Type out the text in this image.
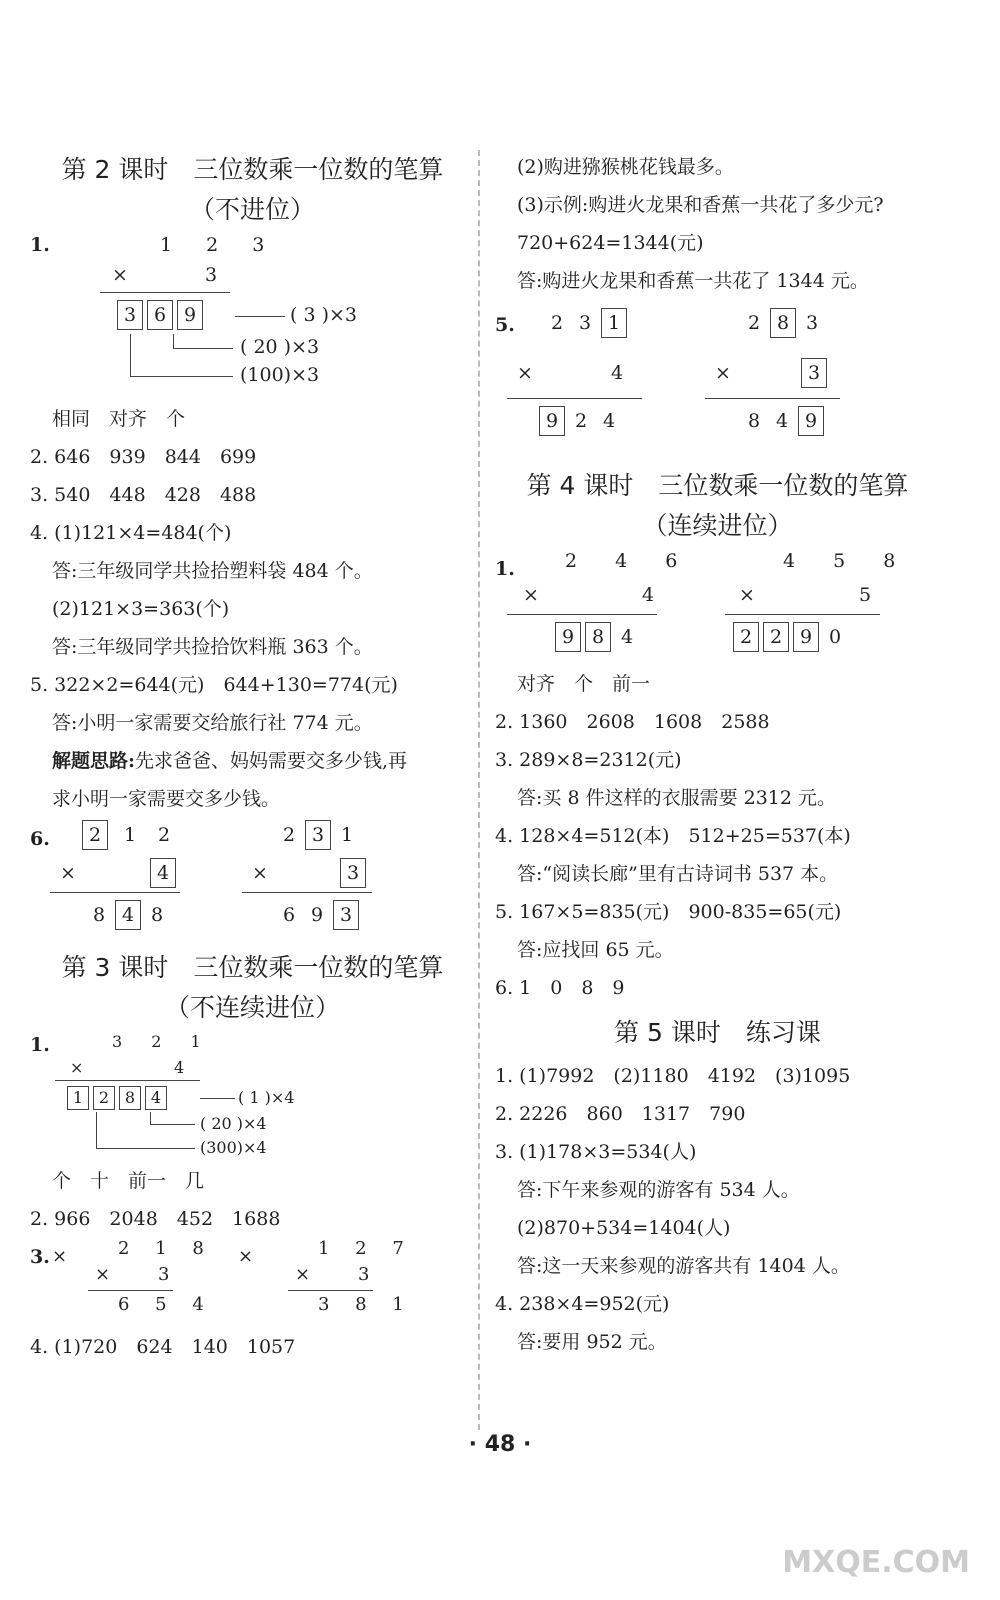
第 2 课时　三位数乘一位数的笔算
（不进位）
1.	1 2 3
×	3
3 6 9	( 3 )×3
( 20 )×3
(100)×3
相同　对齐　个
2. 646　939　844　699
3. 540　448　428　488
4. (1)121×4=484(个)
答:三年级同学共捡拾塑料袋 484 个。
(2)121×3=363(个)
答:三年级同学共捡拾饮料瓶 363 个。
5. 322×2=644(元)　644+130=774(元)
答:小明一家需要交给旅行社 774 元。
解题思路:先求爸爸、妈妈需要交多少钱,再
求小明一家需要交多少钱。
6.	2 1 2
×	4
8 4 8
2 3 1
×	3
6 9 3
第 3 课时　三位数乘一位数的笔算
（不连续进位）
1.	3 2 1
×	4
1 2 8 4	( 1 )×4
( 20 )×4
(300)×4
个　十　前一　几
2. 966　2048　452　1688
3. ×	2 1 8
×	3
6 5 4
×	1 2 7
×	3
3 8 1
4. (1)720　624　140　1057
(2)购进猕猴桃花钱最多。
(3)示例:购进火龙果和香蕉一共花了多少元?
720+624=1344(元)
答:购进火龙果和香蕉一共花了 1344 元。
5.	2 3 1
×	4
9 2 4
2 8 3
×	3
8 4 9
第 4 课时　三位数乘一位数的笔算
（连续进位）
1.	2 4 6
×	4
9 8 4
4 5 8
×	5
2 2 9 0
对齐　个　前一
2. 1360　2608　1608　2588
3. 289×8=2312(元)
答:买 8 件这样的衣服需要 2312 元。
4. 128×4=512(本)　512+25=537(本)
答:“阅读长廊”里有古诗词书 537 本。
5. 167×5=835(元)　900-835=65(元)
答:应找回 65 元。
6. 1　0　8　9
第 5 课时　练习课
1. (1)7992　(2)1180　4192　(3)1095
2. 2226　860　1317　790
3. (1)178×3=534(人)
答:下午来参观的游客有 534 人。
(2)870+534=1404(人)
答:这一天来参观的游客共有 1404 人。
4. 238×4=952(元)
答:要用 952 元。
· 48 ·
MXQE.COM
